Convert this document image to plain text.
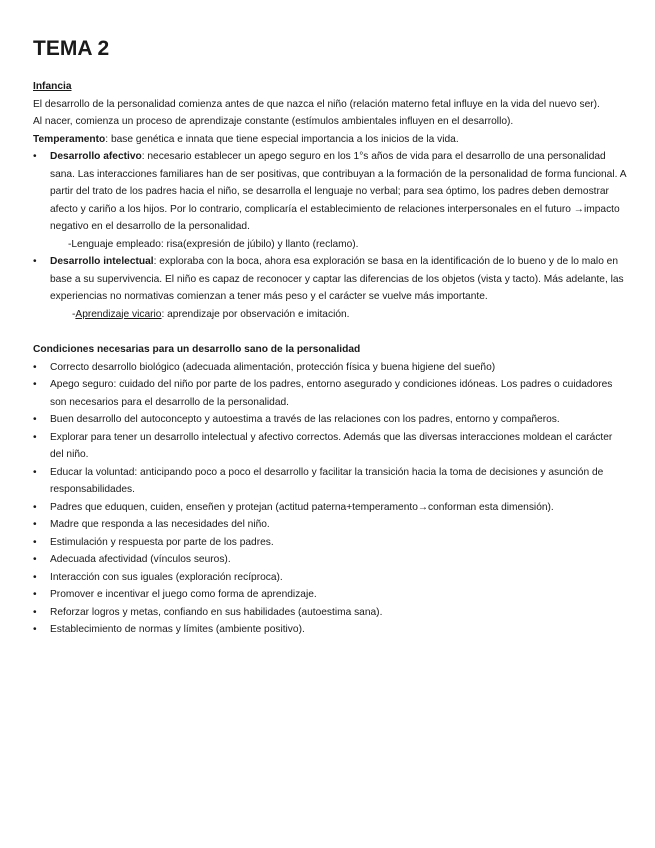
TEMA 2

Infancia

El desarrollo de la personalidad comienza antes de que nazca el niño (relación materno fetal influye en la vida del nuevo ser).

Al nacer, comienza un proceso de aprendizaje constante (estímulos ambientales influyen en el desarrollo).

Temperamento: base genética e innata que tiene especial importancia a los inicios de la vida.

• Desarrollo afectivo: necesario establecer un apego seguro en los 1°s años de vida para el desarrollo de una personalidad sana. Las interacciones familiares han de ser positivas, que contribuyan a la formación de la personalidad de forma funcional. A partir del trato de los padres hacia el niño, se desarrolla el lenguaje no verbal; para sea óptimo, los padres deben demostrar afecto y cariño a los hijos. Por lo contrario, complicaría el establecimiento de relaciones interpersonales en el futuro →impacto negativo en el desarrollo de la personalidad.

-Lenguaje empleado: risa(expresión de júbilo) y llanto (reclamo).

• Desarrollo intelectual: exploraba con la boca, ahora esa exploración se basa en la identificación de lo bueno y de lo malo en base a su supervivencia. El niño es capaz de reconocer y captar las diferencias de los objetos (vista y tacto). Más adelante, las experiencias no normativas comienzan a tener más peso y el carácter se vuelve más importante.

-Aprendizaje vicario: aprendizaje por observación e imitación.

Condiciones necesarias para un desarrollo sano de la personalidad

• Correcto desarrollo biológico (adecuada alimentación, protección física y buena higiene del sueño)
• Apego seguro: cuidado del niño por parte de los padres, entorno asegurado y condiciones idóneas. Los padres o cuidadores son necesarios para el desarrollo de la personalidad.
• Buen desarrollo del autoconcepto y autoestima a través de las relaciones con los padres, entorno y compañeros.
• Explorar para tener un desarrollo intelectual y afectivo correctos. Además que las diversas interacciones moldean el carácter del niño.
• Educar la voluntad: anticipando poco a poco el desarrollo y facilitar la transición hacia la toma de decisiones y asunción de responsabilidades.
• Padres que eduquen, cuiden, enseñen y protejan (actitud paterna+temperamento→conforman esta dimensión).
• Madre que responda a las necesidades del niño.
• Estimulación y respuesta por parte de los padres.
• Adecuada afectividad (vínculos seuros).
• Interacción con sus iguales (exploración recíproca).
• Promover e incentivar el juego como forma de aprendizaje.
• Reforzar logros y metas, confiando en sus habilidades (autoestima sana).
• Establecimiento de normas y límites (ambiente positivo).
